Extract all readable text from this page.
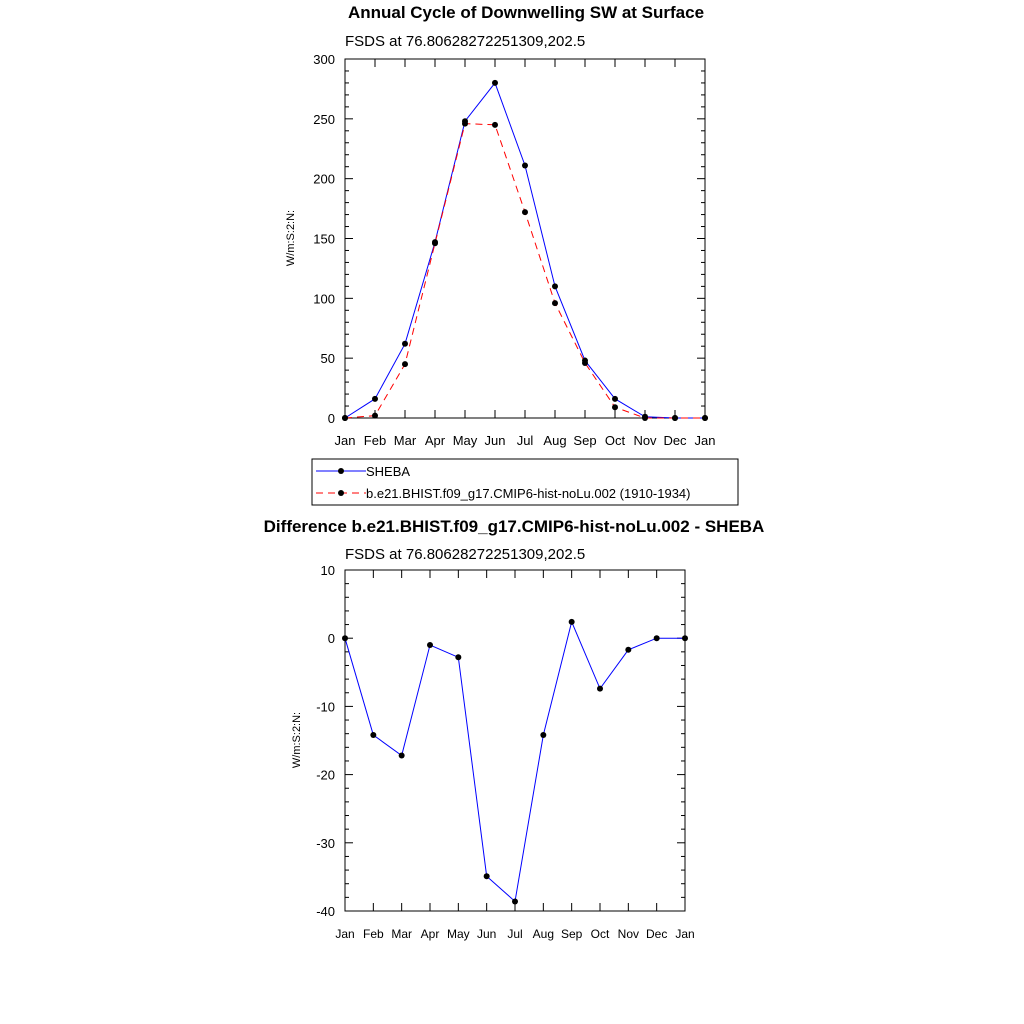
Annual Cycle of Downwelling SW at Surface
FSDS at 76.80628272251309,202.5
W/m:S:2:N:
0
50
100
150
200
250
300
Jan Feb Mar Apr May Jun Jul Aug Sep Oct Nov Dec Jan
SHEBA
b.e21.BHIST.f09_g17.CMIP6-hist-noLu.002 (1910-1934)
Difference b.e21.BHIST.f09_g17.CMIP6-hist-noLu.002 - SHEBA
FSDS at 76.80628272251309,202.5
W/m:S:2:N:
-40
-30
-20
-10
0
10
Jan Feb Mar Apr May Jun Jul Aug Sep Oct Nov Dec Jan
